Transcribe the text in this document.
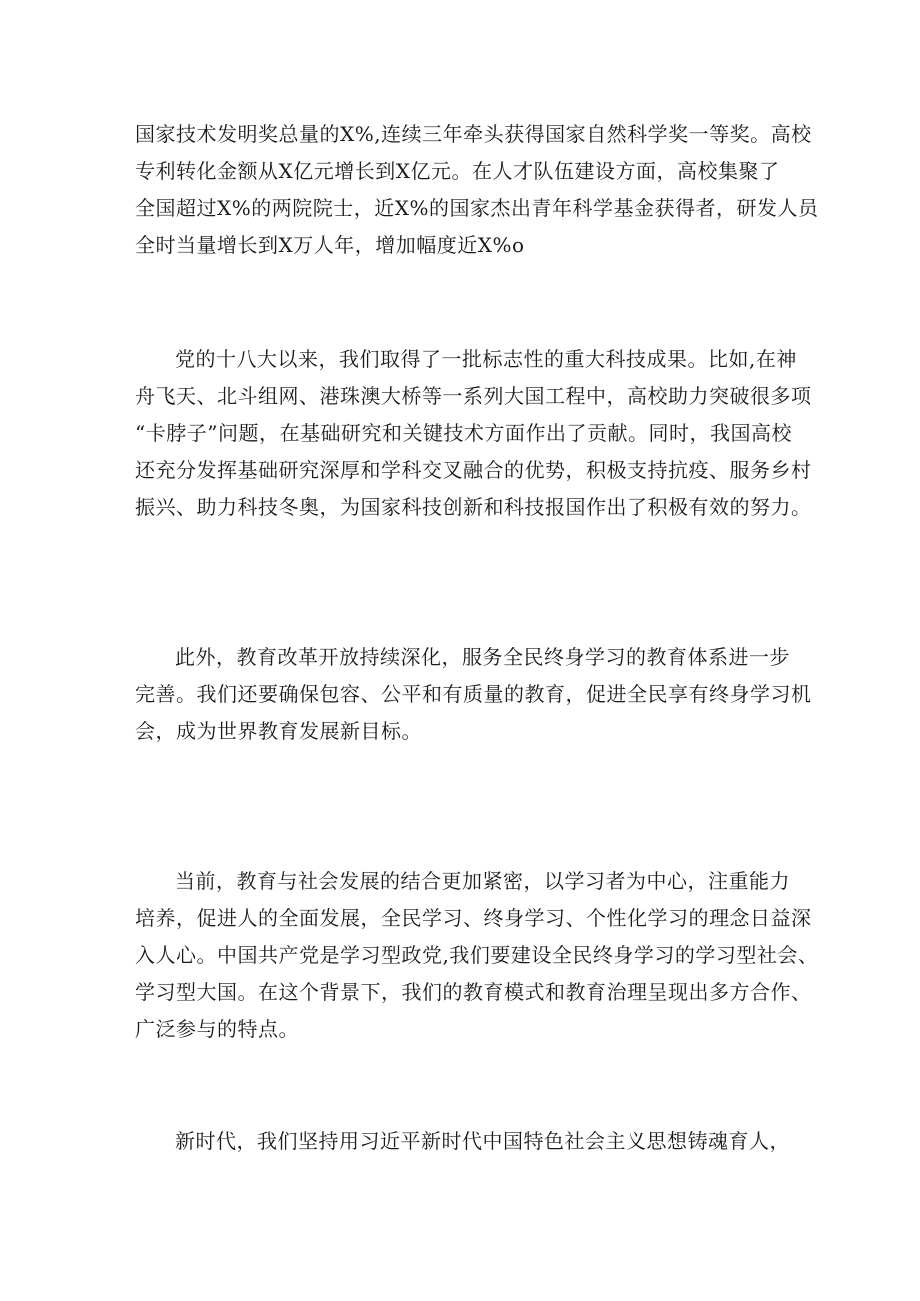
国家技术发明奖总量的X%,连续三年牵头获得国家自然科学奖一等奖。高校
专利转化金额从X亿元增长到X亿元。在人才队伍建设方面，高校集聚了
全国超过X%的两院院士，近X%的国家杰出青年科学基金获得者，研发人员
全时当量增长到X万人年，增加幅度近X%o

党的十八大以来，我们取得了一批标志性的重大科技成果。比如,在神
舟飞天、北斗组网、港珠澳大桥等一系列大国工程中，高校助力突破很多项
“卡脖子”问题，在基础研究和关键技术方面作出了贡献。同时，我国高校
还充分发挥基础研究深厚和学科交叉融合的优势，积极支持抗疫、服务乡村
振兴、助力科技冬奥，为国家科技创新和科技报国作出了积极有效的努力。

此外，教育改革开放持续深化，服务全民终身学习的教育体系进一步
完善。我们还要确保包容、公平和有质量的教育，促进全民享有终身学习机
会，成为世界教育发展新目标。

当前，教育与社会发展的结合更加紧密，以学习者为中心，注重能力
培养，促进人的全面发展，全民学习、终身学习、个性化学习的理念日益深
入人心。中国共产党是学习型政党,我们要建设全民终身学习的学习型社会、
学习型大国。在这个背景下，我们的教育模式和教育治理呈现出多方合作、
广泛参与的特点。

新时代，我们坚持用习近平新时代中国特色社会主义思想铸魂育人，
